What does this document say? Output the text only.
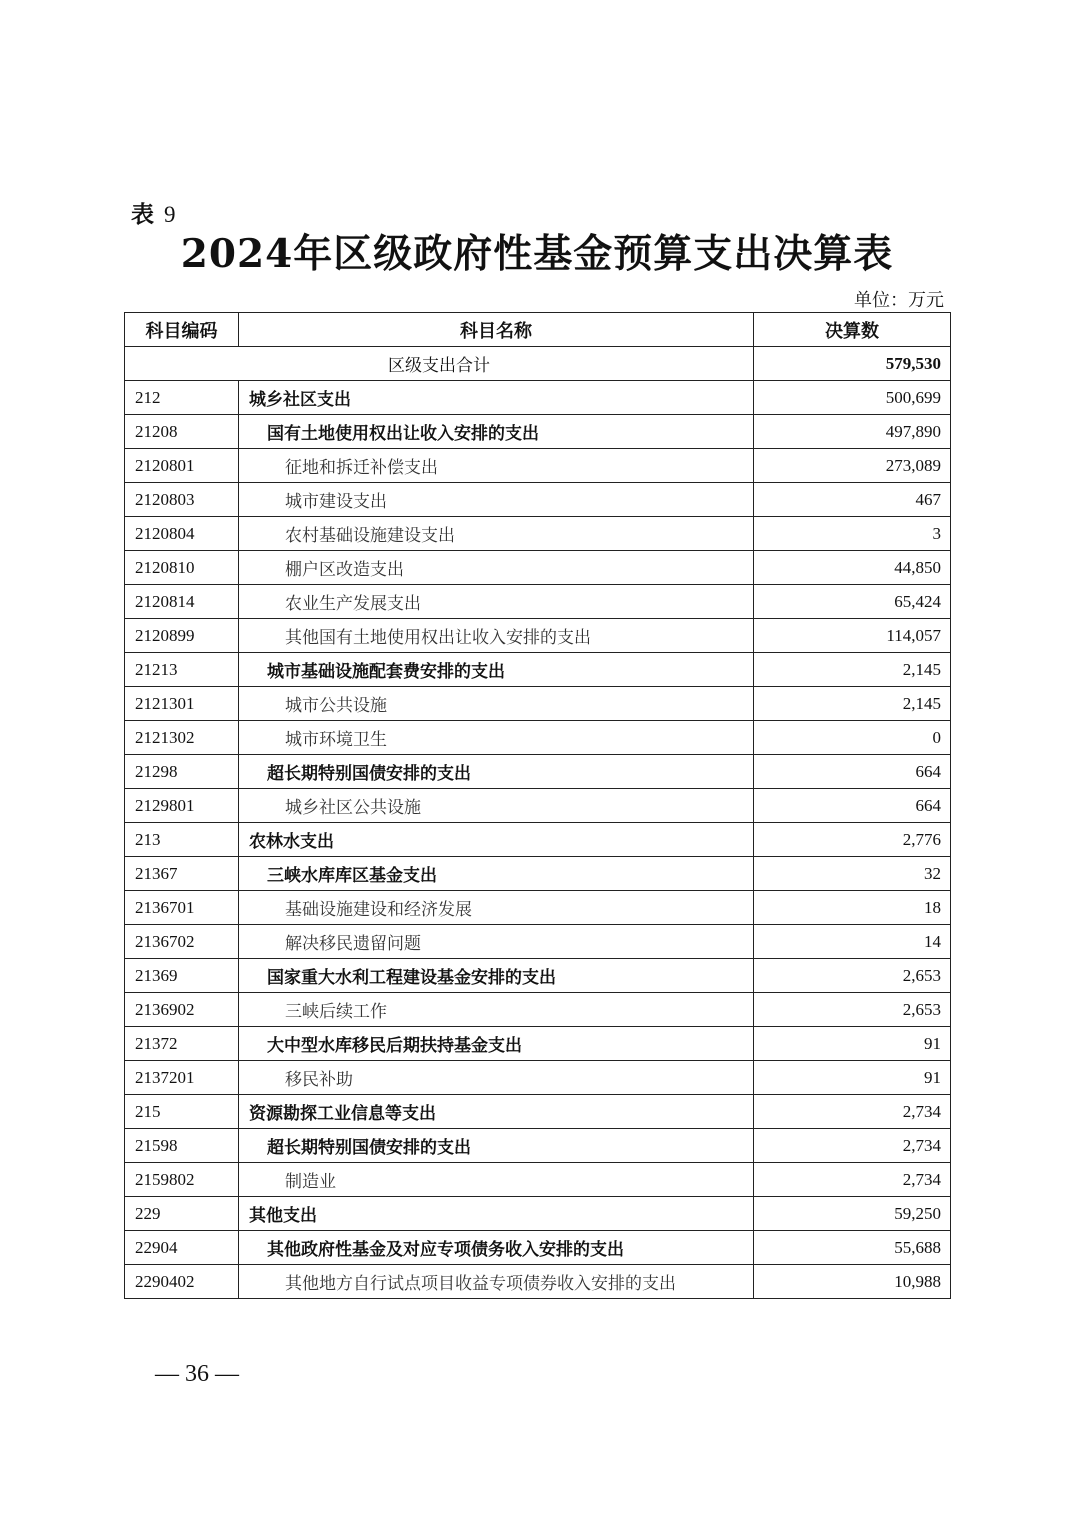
表 9
2024年区级政府性基金预算支出决算表
单位：万元
科目编码	科目名称	决算数
区级支出合计		579,530
212	城乡社区支出	500,699
21208	国有土地使用权出让收入安排的支出	497,890
2120801	征地和拆迁补偿支出	273,089
2120803	城市建设支出	467
2120804	农村基础设施建设支出	3
2120810	棚户区改造支出	44,850
2120814	农业生产发展支出	65,424
2120899	其他国有土地使用权出让收入安排的支出	114,057
21213	城市基础设施配套费安排的支出	2,145
2121301	城市公共设施	2,145
2121302	城市环境卫生	0
21298	超长期特别国债安排的支出	664
2129801	城乡社区公共设施	664
213	农林水支出	2,776
21367	三峡水库库区基金支出	32
2136701	基础设施建设和经济发展	18
2136702	解决移民遗留问题	14
21369	国家重大水利工程建设基金安排的支出	2,653
2136902	三峡后续工作	2,653
21372	大中型水库移民后期扶持基金支出	91
2137201	移民补助	91
215	资源勘探工业信息等支出	2,734
21598	超长期特别国债安排的支出	2,734
2159802	制造业	2,734
229	其他支出	59,250
22904	其他政府性基金及对应专项债务收入安排的支出	55,688
2290402	其他地方自行试点项目收益专项债券收入安排的支出	10,988
— 36 —
